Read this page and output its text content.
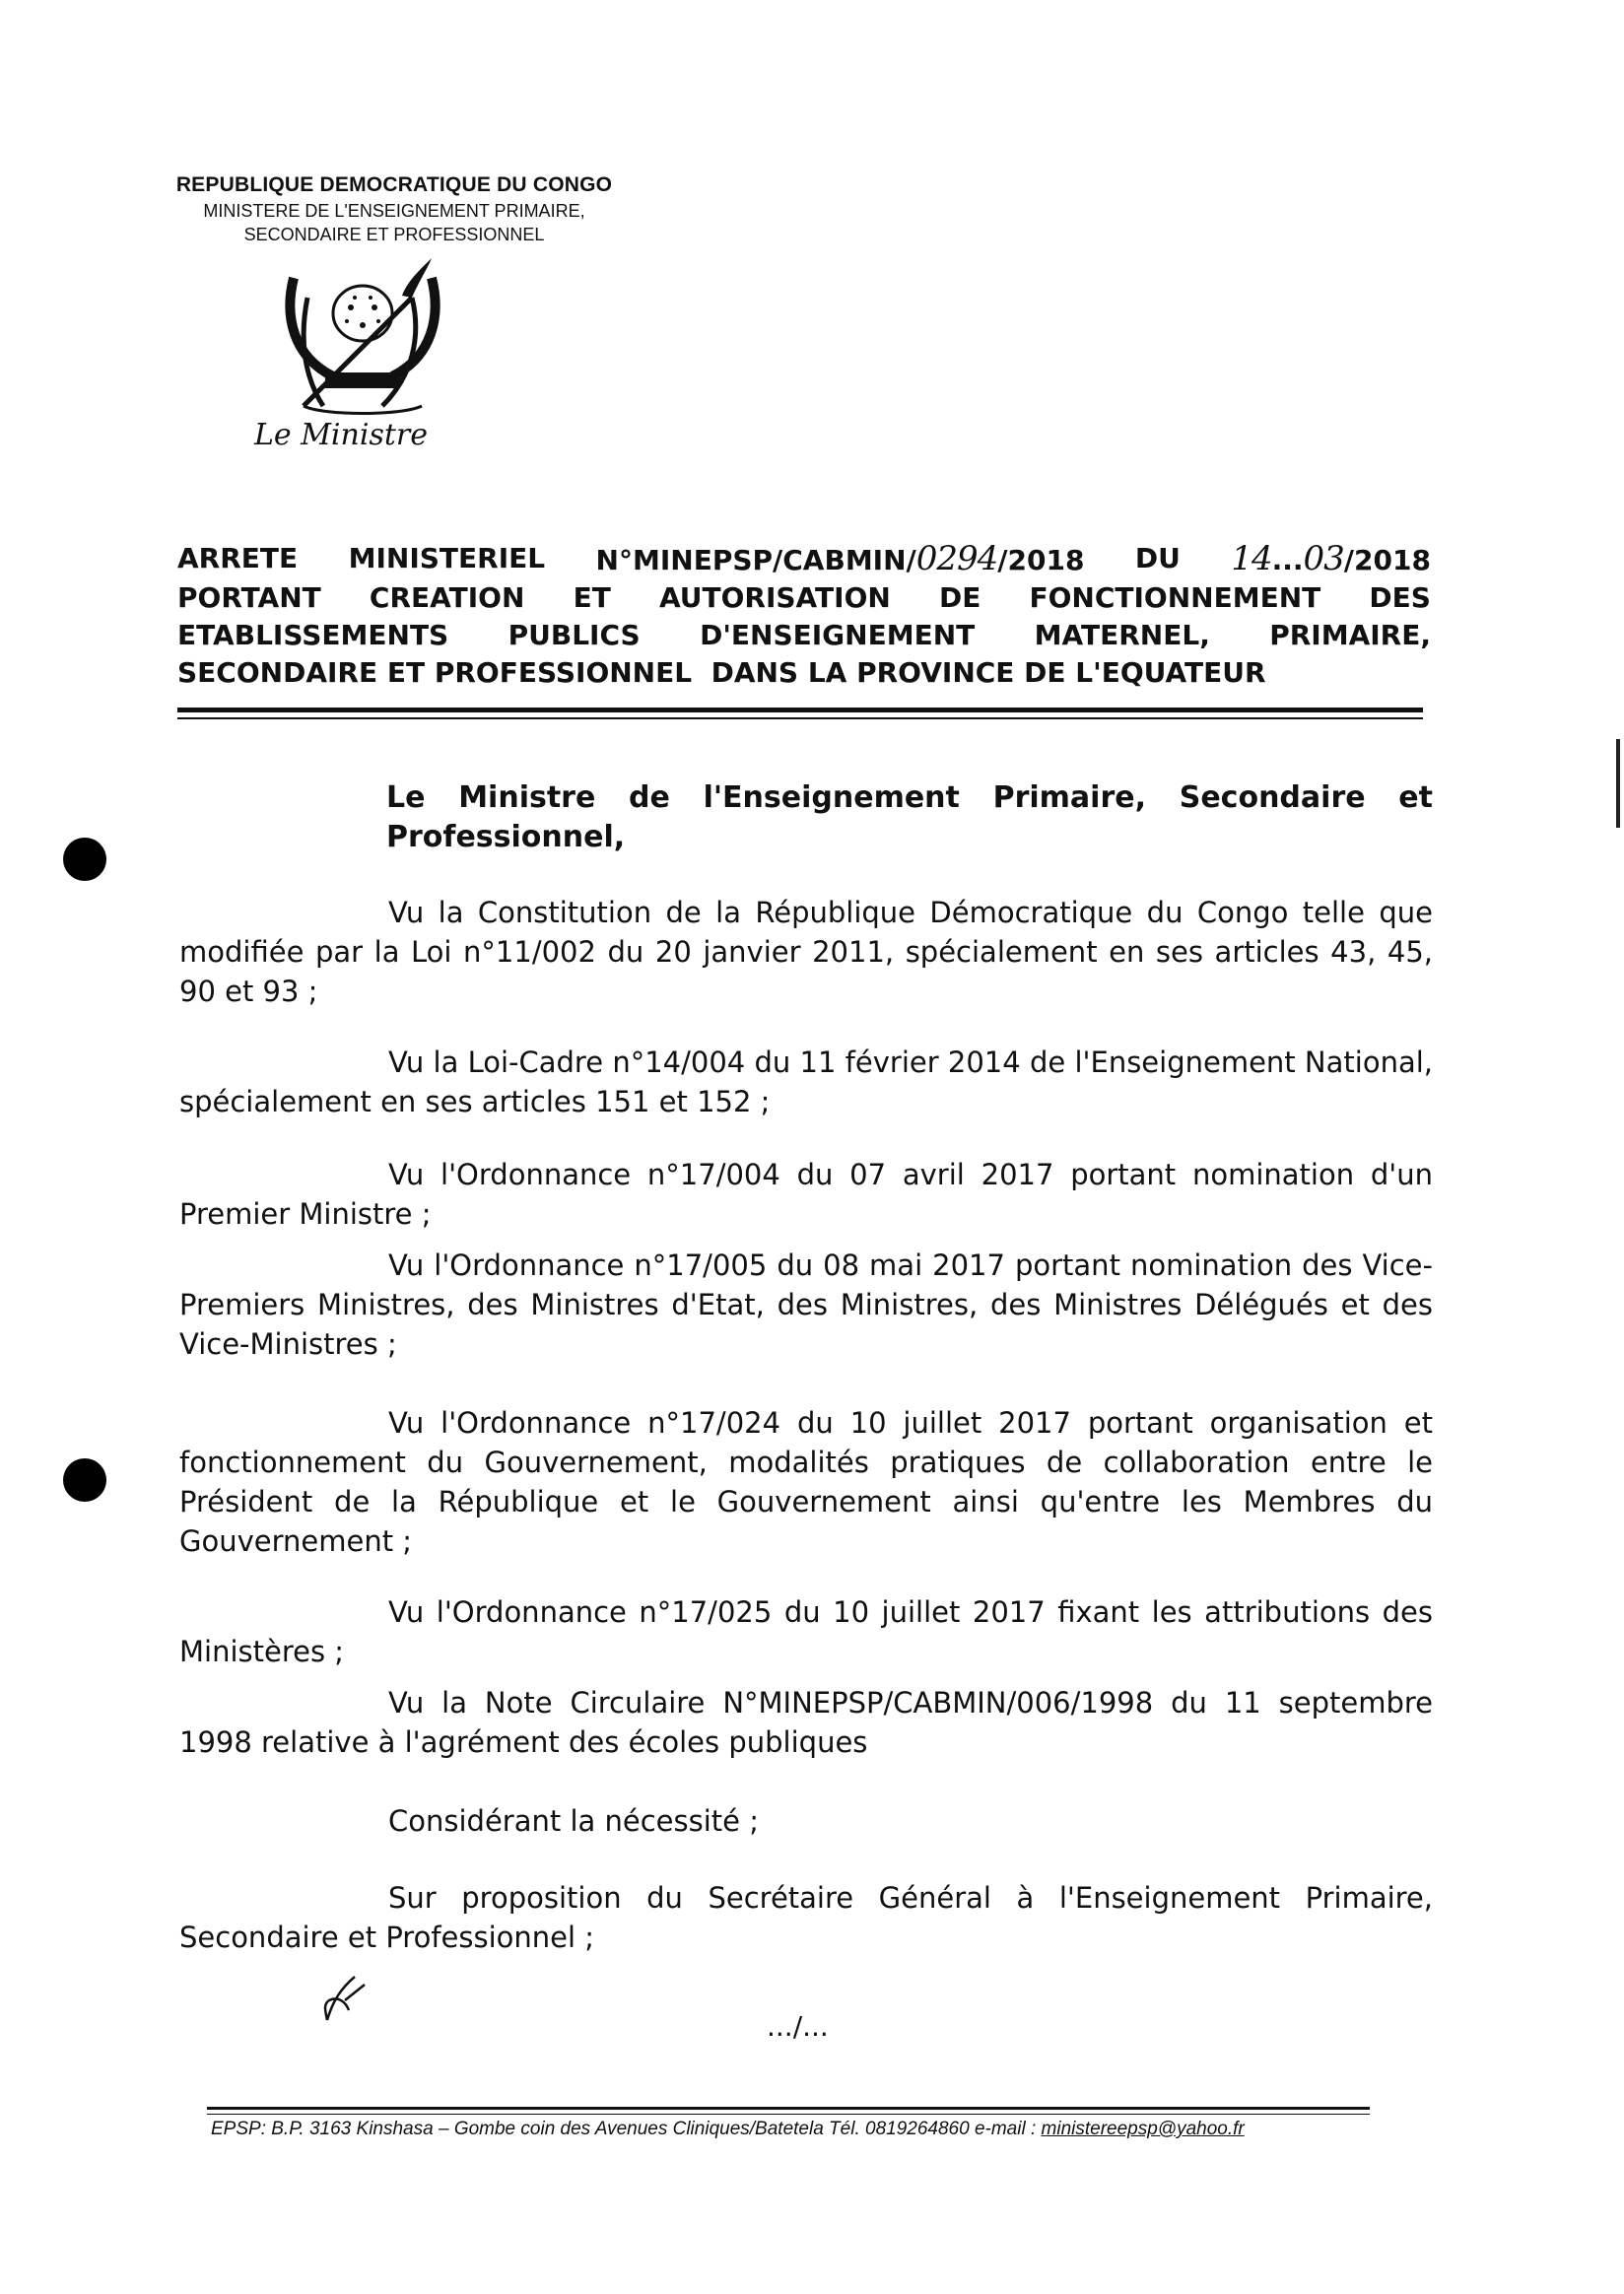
REPUBLIQUE DEMOCRATIQUE DU CONGO
MINISTERE DE L'ENSEIGNEMENT PRIMAIRE,
SECONDAIRE ET PROFESSIONNEL
Le Ministre
ARRETE MINISTERIEL N°MINEPSP/CABMIN/0294/2018 DU 14...03/2018
PORTANT CREATION ET AUTORISATION DE FONCTIONNEMENT DES
ETABLISSEMENTS PUBLICS D'ENSEIGNEMENT MATERNEL, PRIMAIRE,
SECONDAIRE ET PROFESSIONNEL  DANS LA PROVINCE DE L'EQUATEUR
Le Ministre de l'Enseignement Primaire, Secondaire et Professionnel,
Vu la Constitution de la République Démocratique du Congo telle que modifiée par la Loi n°11/002 du 20 janvier 2011, spécialement en ses articles 43, 45, 90 et 93 ;
Vu la Loi-Cadre n°14/004 du 11 février 2014 de l'Enseignement National, spécialement en ses articles 151 et 152 ;
Vu l'Ordonnance n°17/004 du 07 avril 2017 portant nomination d'un Premier Ministre ;
Vu l'Ordonnance n°17/005 du 08 mai 2017 portant nomination des Vice-Premiers Ministres, des Ministres d'Etat, des Ministres, des Ministres Délégués et des Vice-Ministres ;
Vu l'Ordonnance n°17/024 du 10 juillet 2017 portant organisation et fonctionnement du Gouvernement, modalités pratiques de collaboration entre le Président de la République et le Gouvernement ainsi qu'entre les Membres du Gouvernement ;
Vu l'Ordonnance n°17/025 du 10 juillet 2017 fixant les attributions des Ministères ;
Vu la Note Circulaire N°MINEPSP/CABMIN/006/1998 du 11 septembre 1998 relative à l'agrément des écoles publiques
Considérant la nécessité ;
Sur proposition du Secrétaire Général à l'Enseignement Primaire, Secondaire et Professionnel ;
.../...
EPSP: B.P. 3163 Kinshasa – Gombe coin des Avenues Cliniques/Batetela Tél. 0819264860 e-mail : ministereepsp@yahoo.fr
